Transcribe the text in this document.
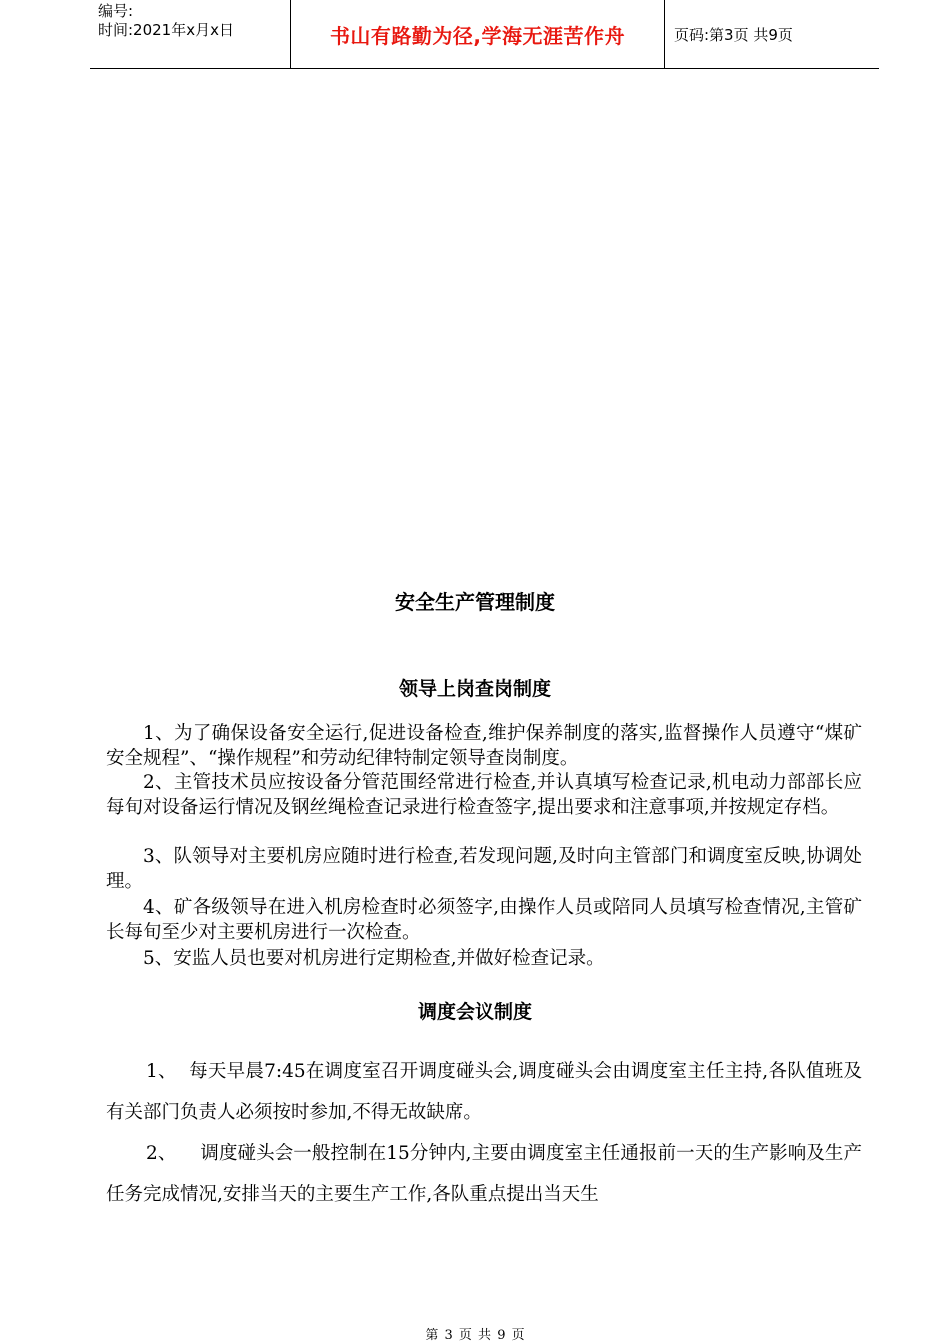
编号:
时间:2021年x月x日	书山有路勤为径,学海无涯苦作舟	页码:第3页 共9页
安全生产管理制度
领导上岗查岗制度
1、为了确保设备安全运行,促进设备检查,维护保养制度的落实,监督操作人员遵守“煤矿安全规程”、“操作规程”和劳动纪律特制定领导查岗制度。
2、主管技术员应按设备分管范围经常进行检查,并认真填写检查记录,机电动力部部长应每旬对设备运行情况及钢丝绳检查记录进行检查签字,提出要求和注意事项,并按规定存档。
3、队领导对主要机房应随时进行检查,若发现问题,及时向主管部门和调度室反映,协调处理。
4、矿各级领导在进入机房检查时必须签字,由操作人员或陪同人员填写检查情况,主管矿长每旬至少对主要机房进行一次检查。
5、安监人员也要对机房进行定期检查,并做好检查记录。
调度会议制度
1、  每天早晨7:45在调度室召开调度碰头会,调度碰头会由调度室主任主持,各队值班及有关部门负责人必须按时参加,不得无故缺席。
2、    调度碰头会一般控制在15分钟内,主要由调度室主任通报前一天的生产影响及生产任务完成情况,安排当天的主要生产工作,各队重点提出当天生
第 3 页 共 9 页
